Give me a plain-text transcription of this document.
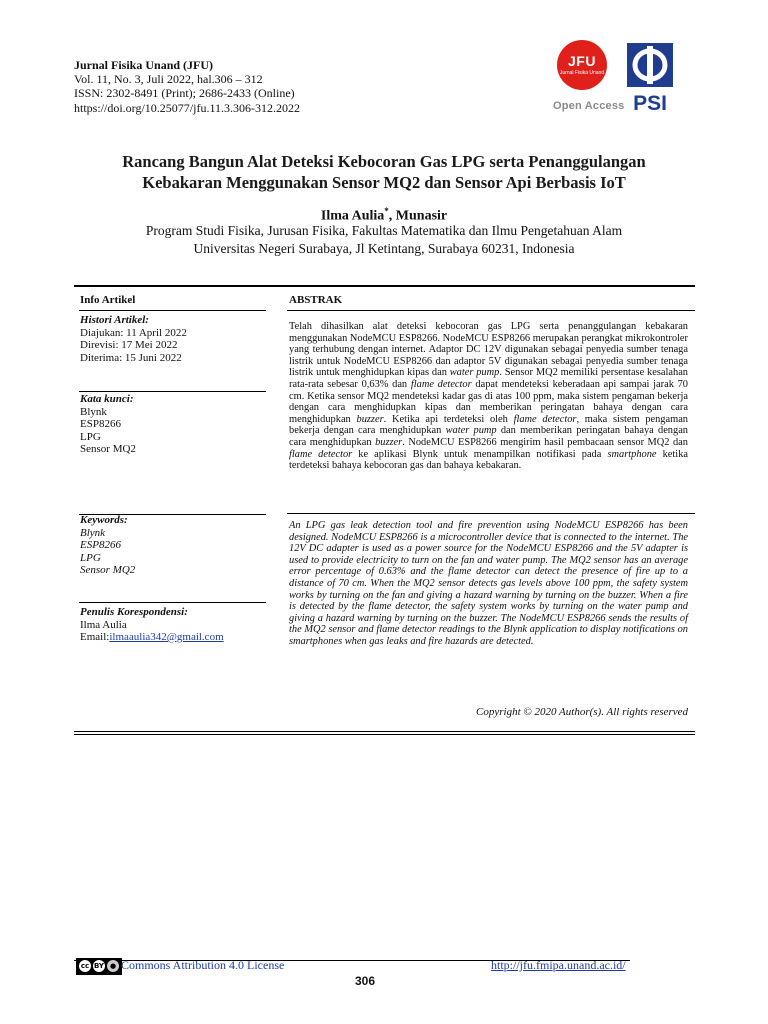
Jurnal Fisika Unand (JFU)
Vol. 11, No. 3, Juli 2022, hal.306 – 312
ISSN: 2302-8491 (Print); 2686-2433 (Online)
https://doi.org/10.25077/jfu.11.3.306-312.2022
JFU
Jurnal Fisika Unand
Open Access PSI
Rancang Bangun Alat Deteksi Kebocoran Gas LPG serta Penanggulangan
Kebakaran Menggunakan Sensor MQ2 dan Sensor Api Berbasis IoT
Ilma Aulia*, Munasir
Program Studi Fisika, Jurusan Fisika, Fakultas Matematika dan Ilmu Pengetahuan Alam
Universitas Negeri Surabaya, Jl Ketintang, Surabaya 60231, Indonesia
Info Artikel
Histori Artikel:
Diajukan: 11 April 2022
Direvisi: 17 Mei 2022
Diterima: 15 Juni 2022
Kata kunci:
Blynk
ESP8266
LPG
Sensor MQ2
Keywords:
Blynk
ESP8266
LPG
Sensor MQ2
Penulis Korespondensi:
Ilma Aulia
Email:ilmaaulia342@gmail.com
ABSTRAK
Telah dihasilkan alat deteksi kebocoran gas LPG serta penanggulangan kebakaran menggunakan NodeMCU ESP8266. NodeMCU ESP8266 merupakan perangkat mikrokontroler yang terhubung dengan internet. Adaptor DC 12V digunakan sebagai penyedia sumber tenaga listrik untuk NodeMCU ESP8266 dan adaptor 5V digunakan sebagai penyedia sumber tenaga listrik untuk menghidupkan kipas dan water pump. Sensor MQ2 memiliki persentase kesalahan rata-rata sebesar 0,63% dan flame detector dapat mendeteksi keberadaan api sampai jarak 70 cm. Ketika sensor MQ2 mendeteksi kadar gas di atas 100 ppm, maka sistem pengaman bekerja dengan cara menghidupkan kipas dan memberikan peringatan bahaya dengan cara menghidupkan buzzer. Ketika api terdeteksi oleh flame detector, maka sistem pengaman bekerja dengan cara menghidupkan water pump dan memberikan peringatan bahaya dengan cara menghidupkan buzzer. NodeMCU ESP8266 mengirim hasil pembacaan sensor MQ2 dan flame detector ke aplikasi Blynk untuk menampilkan notifikasi pada smartphone ketika terdeteksi bahaya kebocoran gas dan bahaya kebakaran.
An LPG gas leak detection tool and fire prevention using NodeMCU ESP8266 has been designed. NodeMCU ESP8266 is a microcontroller device that is connected to the internet. The 12V DC adapter is used as a power source for the NodeMCU ESP8266 and the 5V adapter is used to provide electricity to turn on the fan and water pump. The MQ2 sensor has an average error percentage of 0.63% and the flame detector can detect the presence of fire up to a distance of 70 cm. When the MQ2 sensor detects gas levels above 100 ppm, the safety system works by turning on the fan and giving a hazard warning by turning on the buzzer. When a fire is detected by the flame detector, the safety system works by turning on the water pump and giving a hazard warning by turning on the buzzer. The NodeMCU ESP8266 sends the results of the MQ2 sensor and flame detector readings to the Blynk application to display notifications on smartphones when gas leaks and fire hazards are detected.
Copyright © 2020 Author(s). All rights reserved
cc BY ● Commons Attribution 4.0 License	http://jfu.fmipa.unand.ac.id/
306
